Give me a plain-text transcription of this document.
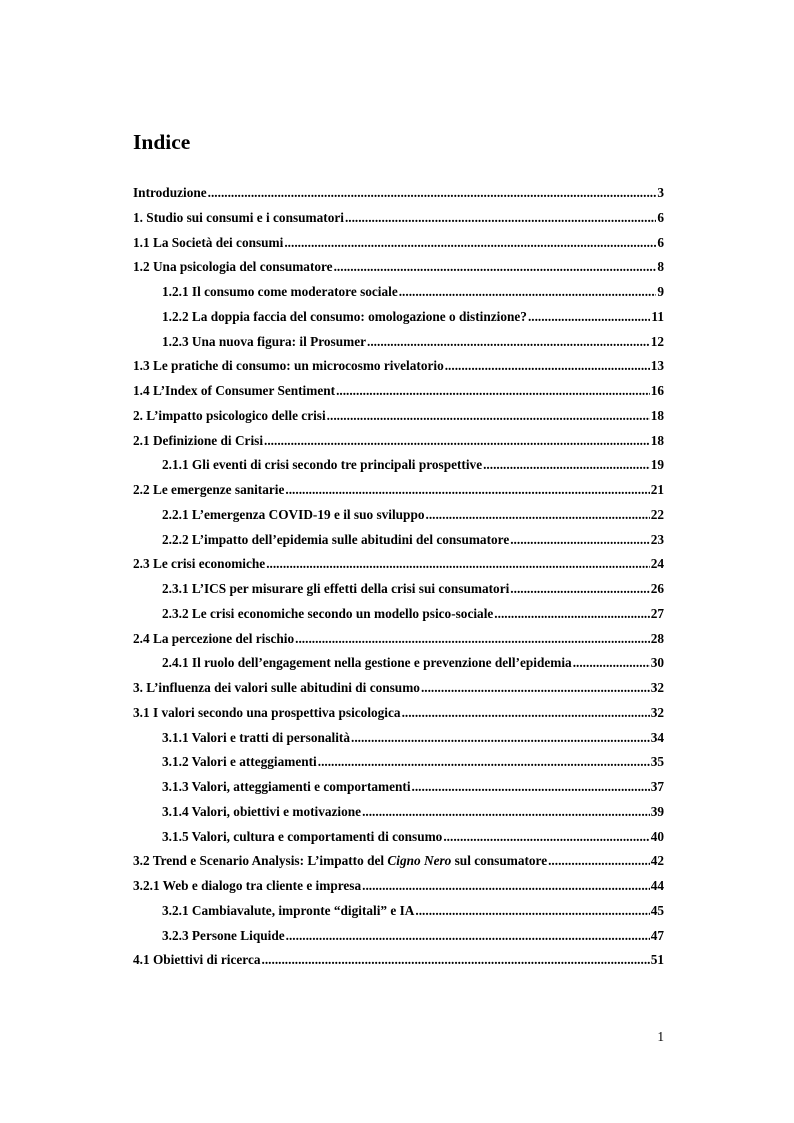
Indice
Introduzione .....	3
1. Studio sui consumi e i consumatori .....	6
1.1 La Società dei consumi .....	6
1.2 Una psicologia del consumatore .....	8
1.2.1 Il consumo come moderatore sociale .....	9
1.2.2 La doppia faccia del consumo: omologazione o distinzione? .....	11
1.2.3 Una nuova figura: il Prosumer .....	12
1.3 Le pratiche di consumo: un microcosmo rivelatorio .....	13
1.4 L’Index of Consumer Sentiment .....	16
2. L’impatto psicologico delle crisi .....	18
2.1 Definizione di Crisi .....	18
2.1.1 Gli eventi di crisi secondo tre principali prospettive .....	19
2.2 Le emergenze sanitarie .....	21
2.2.1 L’emergenza COVID-19 e il suo sviluppo .....	22
2.2.2 L’impatto dell’epidemia sulle abitudini del consumatore .....	23
2.3 Le crisi economiche .....	24
2.3.1 L’ICS per misurare gli effetti della crisi sui consumatori .....	26
2.3.2 Le crisi economiche secondo un modello psico-sociale .....	27
2.4 La percezione del rischio .....	28
2.4.1 Il ruolo dell’engagement nella gestione e prevenzione dell’epidemia .....	30
3. L’influenza dei valori sulle abitudini di consumo .....	32
3.1 I valori secondo una prospettiva psicologica .....	32
3.1.1 Valori e tratti di personalità .....	34
3.1.2 Valori e atteggiamenti .....	35
3.1.3 Valori, atteggiamenti e comportamenti .....	37
3.1.4 Valori, obiettivi e motivazione .....	39
3.1.5 Valori, cultura e comportamenti di consumo .....	40
3.2 Trend e Scenario Analysis: L’impatto del Cigno Nero sul consumatore .....	42
3.2.1 Web e dialogo tra cliente e impresa .....	44
3.2.1 Cambiavalute, impronte “digitali” e IA .....	45
3.2.3 Persone Liquide .....	47
4.1 Obiettivi di ricerca .....	51
1
